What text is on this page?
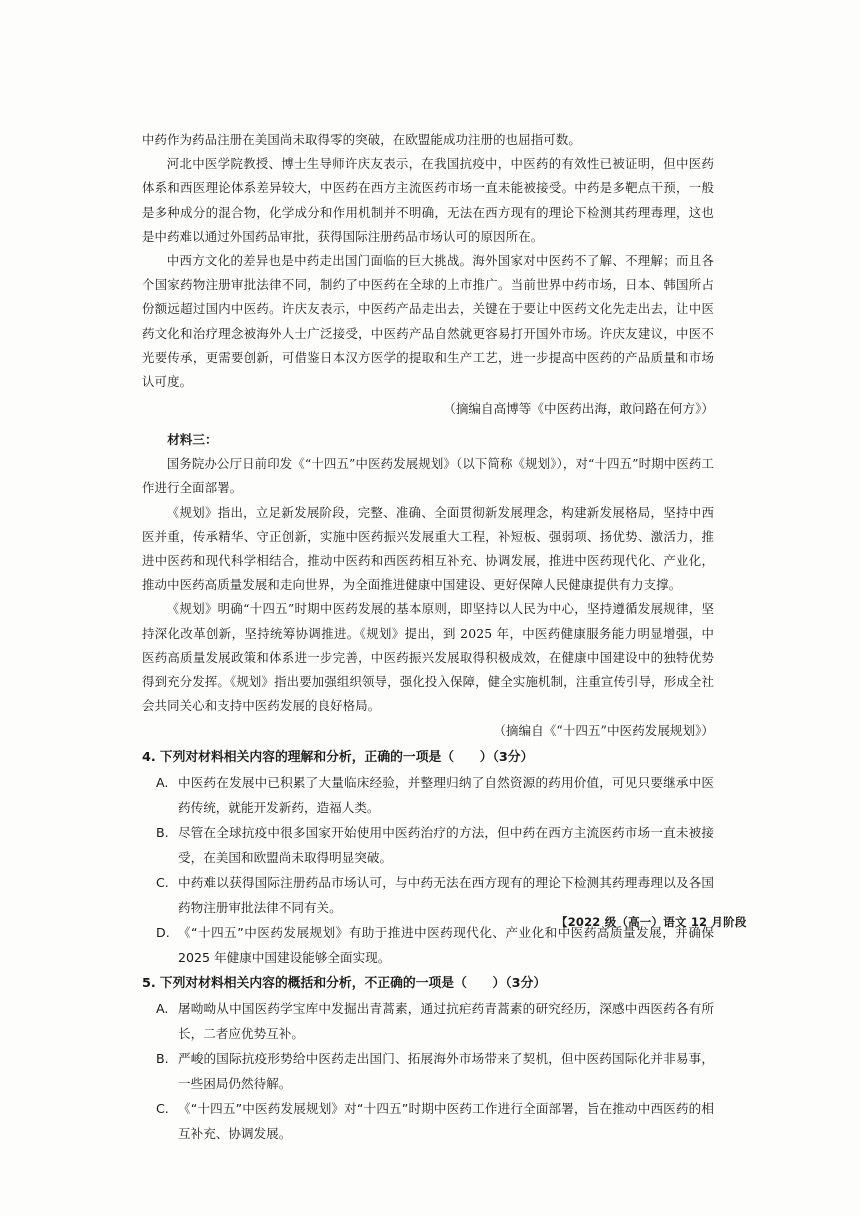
中药作为药品注册在美国尚未取得零的突破，在欧盟能成功注册的也屈指可数。

河北中医学院教授、博士生导师许庆友表示，在我国抗疫中，中医药的有效性已被证明，但中医药体系和西医理论体系差异较大，中医药在西方主流医药市场一直未能被接受。中药是多靶点干预，一般是多种成分的混合物，化学成分和作用机制并不明确，无法在西方现有的理论下检测其药理毒理，这也是中药难以通过外国药品审批，获得国际注册药品市场认可的原因所在。

中西方文化的差异也是中药走出国门面临的巨大挑战。海外国家对中医药不了解、不理解；而且各个国家药物注册审批法律不同，制约了中医药在全球的上市推广。当前世界中药市场，日本、韩国所占份额远超过国内中医药。许庆友表示，中医药产品走出去，关键在于要让中医药文化先走出去，让中医药文化和治疗理念被海外人士广泛接受，中医药产品自然就更容易打开国外市场。许庆友建议，中医不光要传承，更需要创新，可借鉴日本汉方医学的提取和生产工艺，进一步提高中医药的产品质量和市场认可度。

（摘编自高博等《中医药出海，敢问路在何方》）

材料三：

国务院办公厅日前印发《“十四五”中医药发展规划》（以下简称《规划》），对“十四五”时期中医药工作进行全面部署。

《规划》指出，立足新发展阶段，完整、准确、全面贯彻新发展理念，构建新发展格局，坚持中西医并重，传承精华、守正创新，实施中医药振兴发展重大工程，补短板、强弱项、扬优势、激活力，推进中医药和现代科学相结合，推动中医药和西医药相互补充、协调发展，推进中医药现代化、产业化，推动中医药高质量发展和走向世界，为全面推进健康中国建设、更好保障人民健康提供有力支撑。

《规划》明确“十四五”时期中医药发展的基本原则，即坚持以人民为中心，坚持遵循发展规律，坚持深化改革创新，坚持统筹协调推进。《规划》提出，到 2025 年，中医药健康服务能力明显增强，中医药高质量发展政策和体系进一步完善，中医药振兴发展取得积极成效，在健康中国建设中的独特优势得到充分发挥。《规划》指出要加强组织领导，强化投入保障，健全实施机制，注重宣传引导，形成全社会共同关心和支持中医药发展的良好格局。

（摘编自《“十四五”中医药发展规划》）

4. 下列对材料相关内容的理解和分析，正确的一项是（　　）（3分）
A. 中医药在发展中已积累了大量临床经验，并整理归纳了自然资源的药用价值，可见只要继承中医药传统，就能开发新药，造福人类。
B. 尽管在全球抗疫中很多国家开始使用中医药治疗的方法，但中药在西方主流医药市场一直未被接受，在美国和欧盟尚未取得明显突破。
C. 中药难以获得国际注册药品市场认可，与中药无法在西方现有的理论下检测其药理毒理以及各国药物注册审批法律不同有关。
D. 《“十四五”中医药发展规划》有助于推进中医药现代化、产业化和中医药高质量发展，并确保 2025 年健康中国建设能够全面实现。
5. 下列对材料相关内容的概括和分析，不正确的一项是（　　）（3分）
A. 屠呦呦从中国医药学宝库中发掘出青蒿素，通过抗疟药青蒿素的研究经历，深感中西医药各有所长，二者应优势互补。
B. 严峻的国际抗疫形势给中医药走出国门、拓展海外市场带来了契机，但中医药国际化并非易事，一些困局仍然待解。
C. 《“十四五”中医药发展规划》对“十四五”时期中医药工作进行全面部署，旨在推动中西医药的相互补充、协调发展。
【2022 级（高一）语文 12 月阶段
